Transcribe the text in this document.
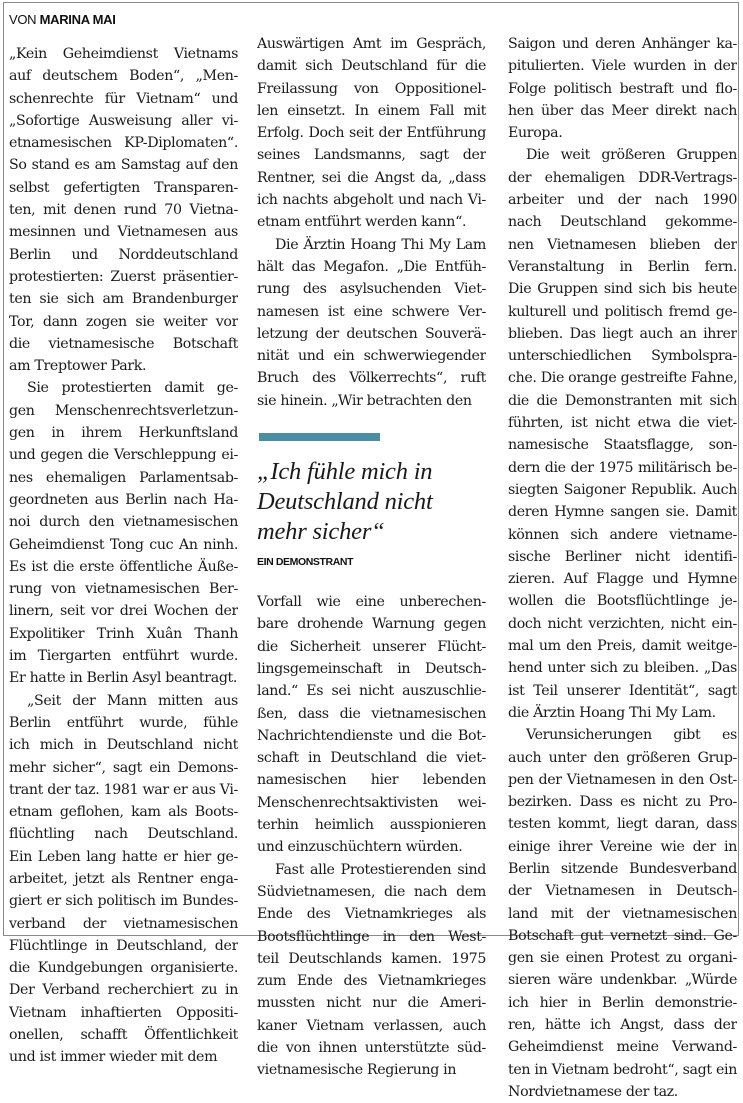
VON MARINA MAI

„Kein Geheimdienst Vietnams
auf deutschem Boden“, „Men-
schenrechte für Vietnam“ und
„Sofortige Ausweisung aller vi-
etnamesischen KP-Diplomaten“.
So stand es am Samstag auf den
selbst gefertigten Transparen-
ten, mit denen rund 70 Vietna-
mesinnen und Vietnamesen aus
Berlin und Norddeutschland
protestierten: Zuerst präsentier-
ten sie sich am Brandenburger
Tor, dann zogen sie weiter vor
die vietnamesische Botschaft
am Treptower Park.

Sie protestierten damit ge-
gen Menschenrechtsverletzun-
gen in ihrem Herkunftsland
und gegen die Verschleppung ei-
nes ehemaligen Parlamentsab-
geordneten aus Berlin nach Ha-
noi durch den vietnamesischen
Geheimdienst Tong cuc An ninh.
Es ist die erste öffentliche Äuße-
rung von vietnamesischen Ber-
linern, seit vor drei Wochen der
Expolitiker Trinh Xuân Thanh
im Tiergarten entführt wurde.
Er hatte in Berlin Asyl beantragt.

„Seit der Mann mitten aus
Berlin entführt wurde, fühle
ich mich in Deutschland nicht
mehr sicher“, sagt ein Demons-
trant der taz. 1981 war er aus Vi-
etnam geflohen, kam als Boots-
flüchtling nach Deutschland.
Ein Leben lang hatte er hier ge-
arbeitet, jetzt als Rentner enga-
giert er sich politisch im Bundes-
verband der vietnamesischen
Flüchtlinge in Deutschland, der
die Kundgebungen organisierte.
Der Verband recherchiert zu in
Vietnam inhaftierten Oppositi-
onellen, schafft Öffentlichkeit
und ist immer wieder mit dem

Auswärtigen Amt im Gespräch,
damit sich Deutschland für die
Freilassung von Oppositionel-
len einsetzt. In einem Fall mit
Erfolg. Doch seit der Entführung
seines Landsmanns, sagt der
Rentner, sei die Angst da, „dass
ich nachts abgeholt und nach Vi-
etnam entführt werden kann“.

Die Ärztin Hoang Thi My Lam
hält das Megafon. „Die Entfüh-
rung des asylsuchenden Viet-
namesen ist eine schwere Ver-
letzung der deutschen Souverä-
nität und ein schwerwiegender
Bruch des Völkerrechts“, ruft
sie hinein. „Wir betrachten den

„Ich fühle mich in
Deutschland nicht
mehr sicher“
EIN DEMONSTRANT

Vorfall wie eine unberechen-
bare drohende Warnung gegen
die Sicherheit unserer Flücht-
lingsgemeinschaft in Deutsch-
land.“ Es sei nicht auszuschlie-
ßen, dass die vietnamesischen
Nachrichtendienste und die Bot-
schaft in Deutschland die viet-
namesischen hier lebenden
Menschenrechtsaktivisten wei-
terhin heimlich ausspionieren
und einzuschüchtern würden.

Fast alle Protestierenden sind
Südvietnamesen, die nach dem
Ende des Vietnamkrieges als
Bootsflüchtlinge in den West-
teil Deutschlands kamen. 1975
zum Ende des Vietnamkrieges
mussten nicht nur die Ameri-
kaner Vietnam verlassen, auch
die von ihnen unterstützte süd-
vietnamesische Regierung in

Saigon und deren Anhänger ka-
pitulierten. Viele wurden in der
Folge politisch bestraft und flo-
hen über das Meer direkt nach
Europa.

Die weit größeren Gruppen
der ehemaligen DDR-Vertrags-
arbeiter und der nach 1990
nach Deutschland gekomme-
nen Vietnamesen blieben der
Veranstaltung in Berlin fern.
Die Gruppen sind sich bis heute
kulturell und politisch fremd ge-
blieben. Das liegt auch an ihrer
unterschiedlichen Symbolspra-
che. Die orange gestreifte Fahne,
die die Demonstranten mit sich
führten, ist nicht etwa die viet-
namesische Staatsflagge, son-
dern die der 1975 militärisch be-
siegten Saigoner Republik. Auch
deren Hymne sangen sie. Damit
können sich andere vietname-
sische Berliner nicht identifi-
zieren. Auf Flagge und Hymne
wollen die Bootsflüchtlinge je-
doch nicht verzichten, nicht ein-
mal um den Preis, damit weitge-
hend unter sich zu bleiben. „Das
ist Teil unserer Identität“, sagt
die Ärztin Hoang Thi My Lam.

Verunsicherungen gibt es
auch unter den größeren Grup-
pen der Vietnamesen in den Ost-
bezirken. Dass es nicht zu Pro-
testen kommt, liegt daran, dass
einige ihrer Vereine wie der in
Berlin sitzende Bundesverband
der Vietnamesen in Deutsch-
land mit der vietnamesischen
Botschaft gut vernetzt sind. Ge-
gen sie einen Protest zu organi-
sieren wäre undenkbar. „Würde
ich hier in Berlin demonstrie-
ren, hätte ich Angst, dass der
Geheimdienst meine Verwand-
ten in Vietnam bedroht“, sagt ein
Nordvietnamese der taz.
